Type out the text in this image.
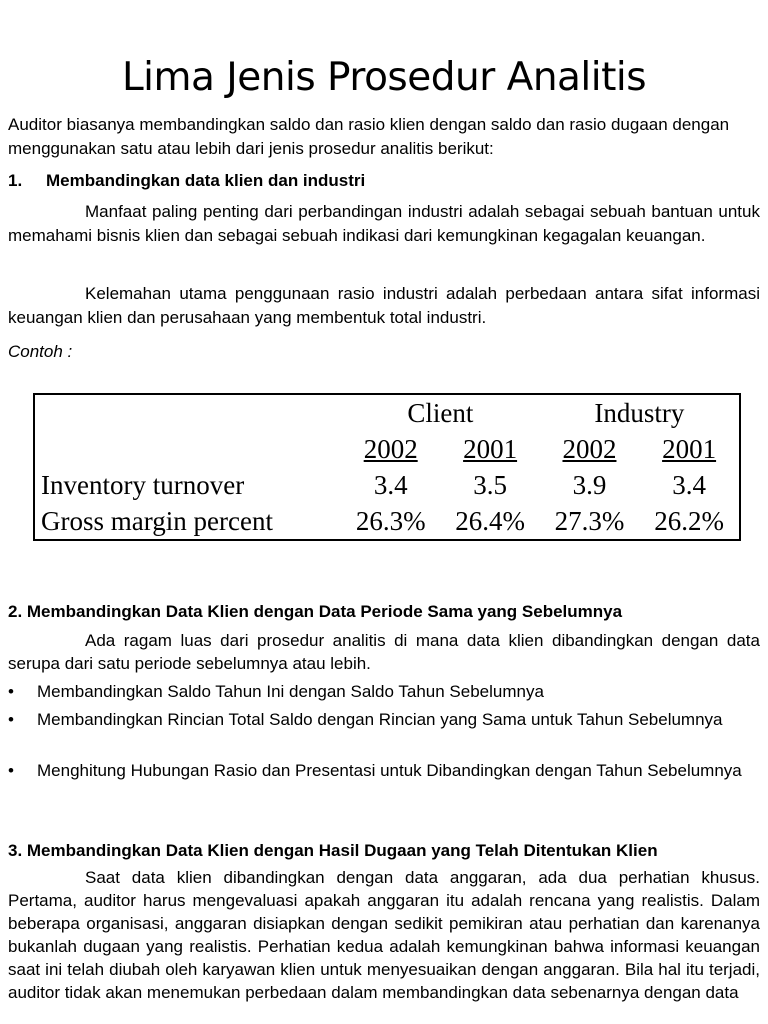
Lima Jenis Prosedur Analitis

Auditor biasanya membandingkan saldo dan rasio klien dengan saldo dan rasio dugaan dengan menggunakan satu atau lebih dari jenis prosedur analitis berikut:

1. Membandingkan data klien dan industri

Manfaat paling penting dari perbandingan industri adalah sebagai sebuah bantuan untuk memahami bisnis klien dan sebagai sebuah indikasi dari kemungkinan kegagalan keuangan.

Kelemahan utama penggunaan rasio industri adalah perbedaan antara sifat informasi keuangan klien dan perusahaan yang membentuk total industri.

Contoh :

	Client		Industry	
	2002	2001	2002	2001
Inventory turnover	3.4	3.5	3.9	3.4
Gross margin percent	26.3%	26.4%	27.3%	26.2%

2. Membandingkan Data Klien dengan Data Periode Sama yang Sebelumnya

Ada ragam luas dari prosedur analitis di mana data klien dibandingkan dengan data serupa dari satu periode sebelumnya atau lebih.

• Membandingkan Saldo Tahun Ini dengan Saldo Tahun Sebelumnya
• Membandingkan Rincian Total Saldo dengan Rincian yang Sama untuk Tahun Sebelumnya
• Menghitung Hubungan Rasio dan Presentasi untuk Dibandingkan dengan Tahun Sebelumnya

3. Membandingkan Data Klien dengan Hasil Dugaan yang Telah Ditentukan Klien

Saat data klien dibandingkan dengan data anggaran, ada dua perhatian khusus. Pertama, auditor harus mengevaluasi apakah anggaran itu adalah rencana yang realistis. Dalam beberapa organisasi, anggaran disiapkan dengan sedikit pemikiran atau perhatian dan karenanya bukanlah dugaan yang realistis. Perhatian kedua adalah kemungkinan bahwa informasi keuangan saat ini telah diubah oleh karyawan klien untuk menyesuaikan dengan anggaran. Bila hal itu terjadi, auditor tidak akan menemukan perbedaan dalam membandingkan data sebenarnya dengan data
